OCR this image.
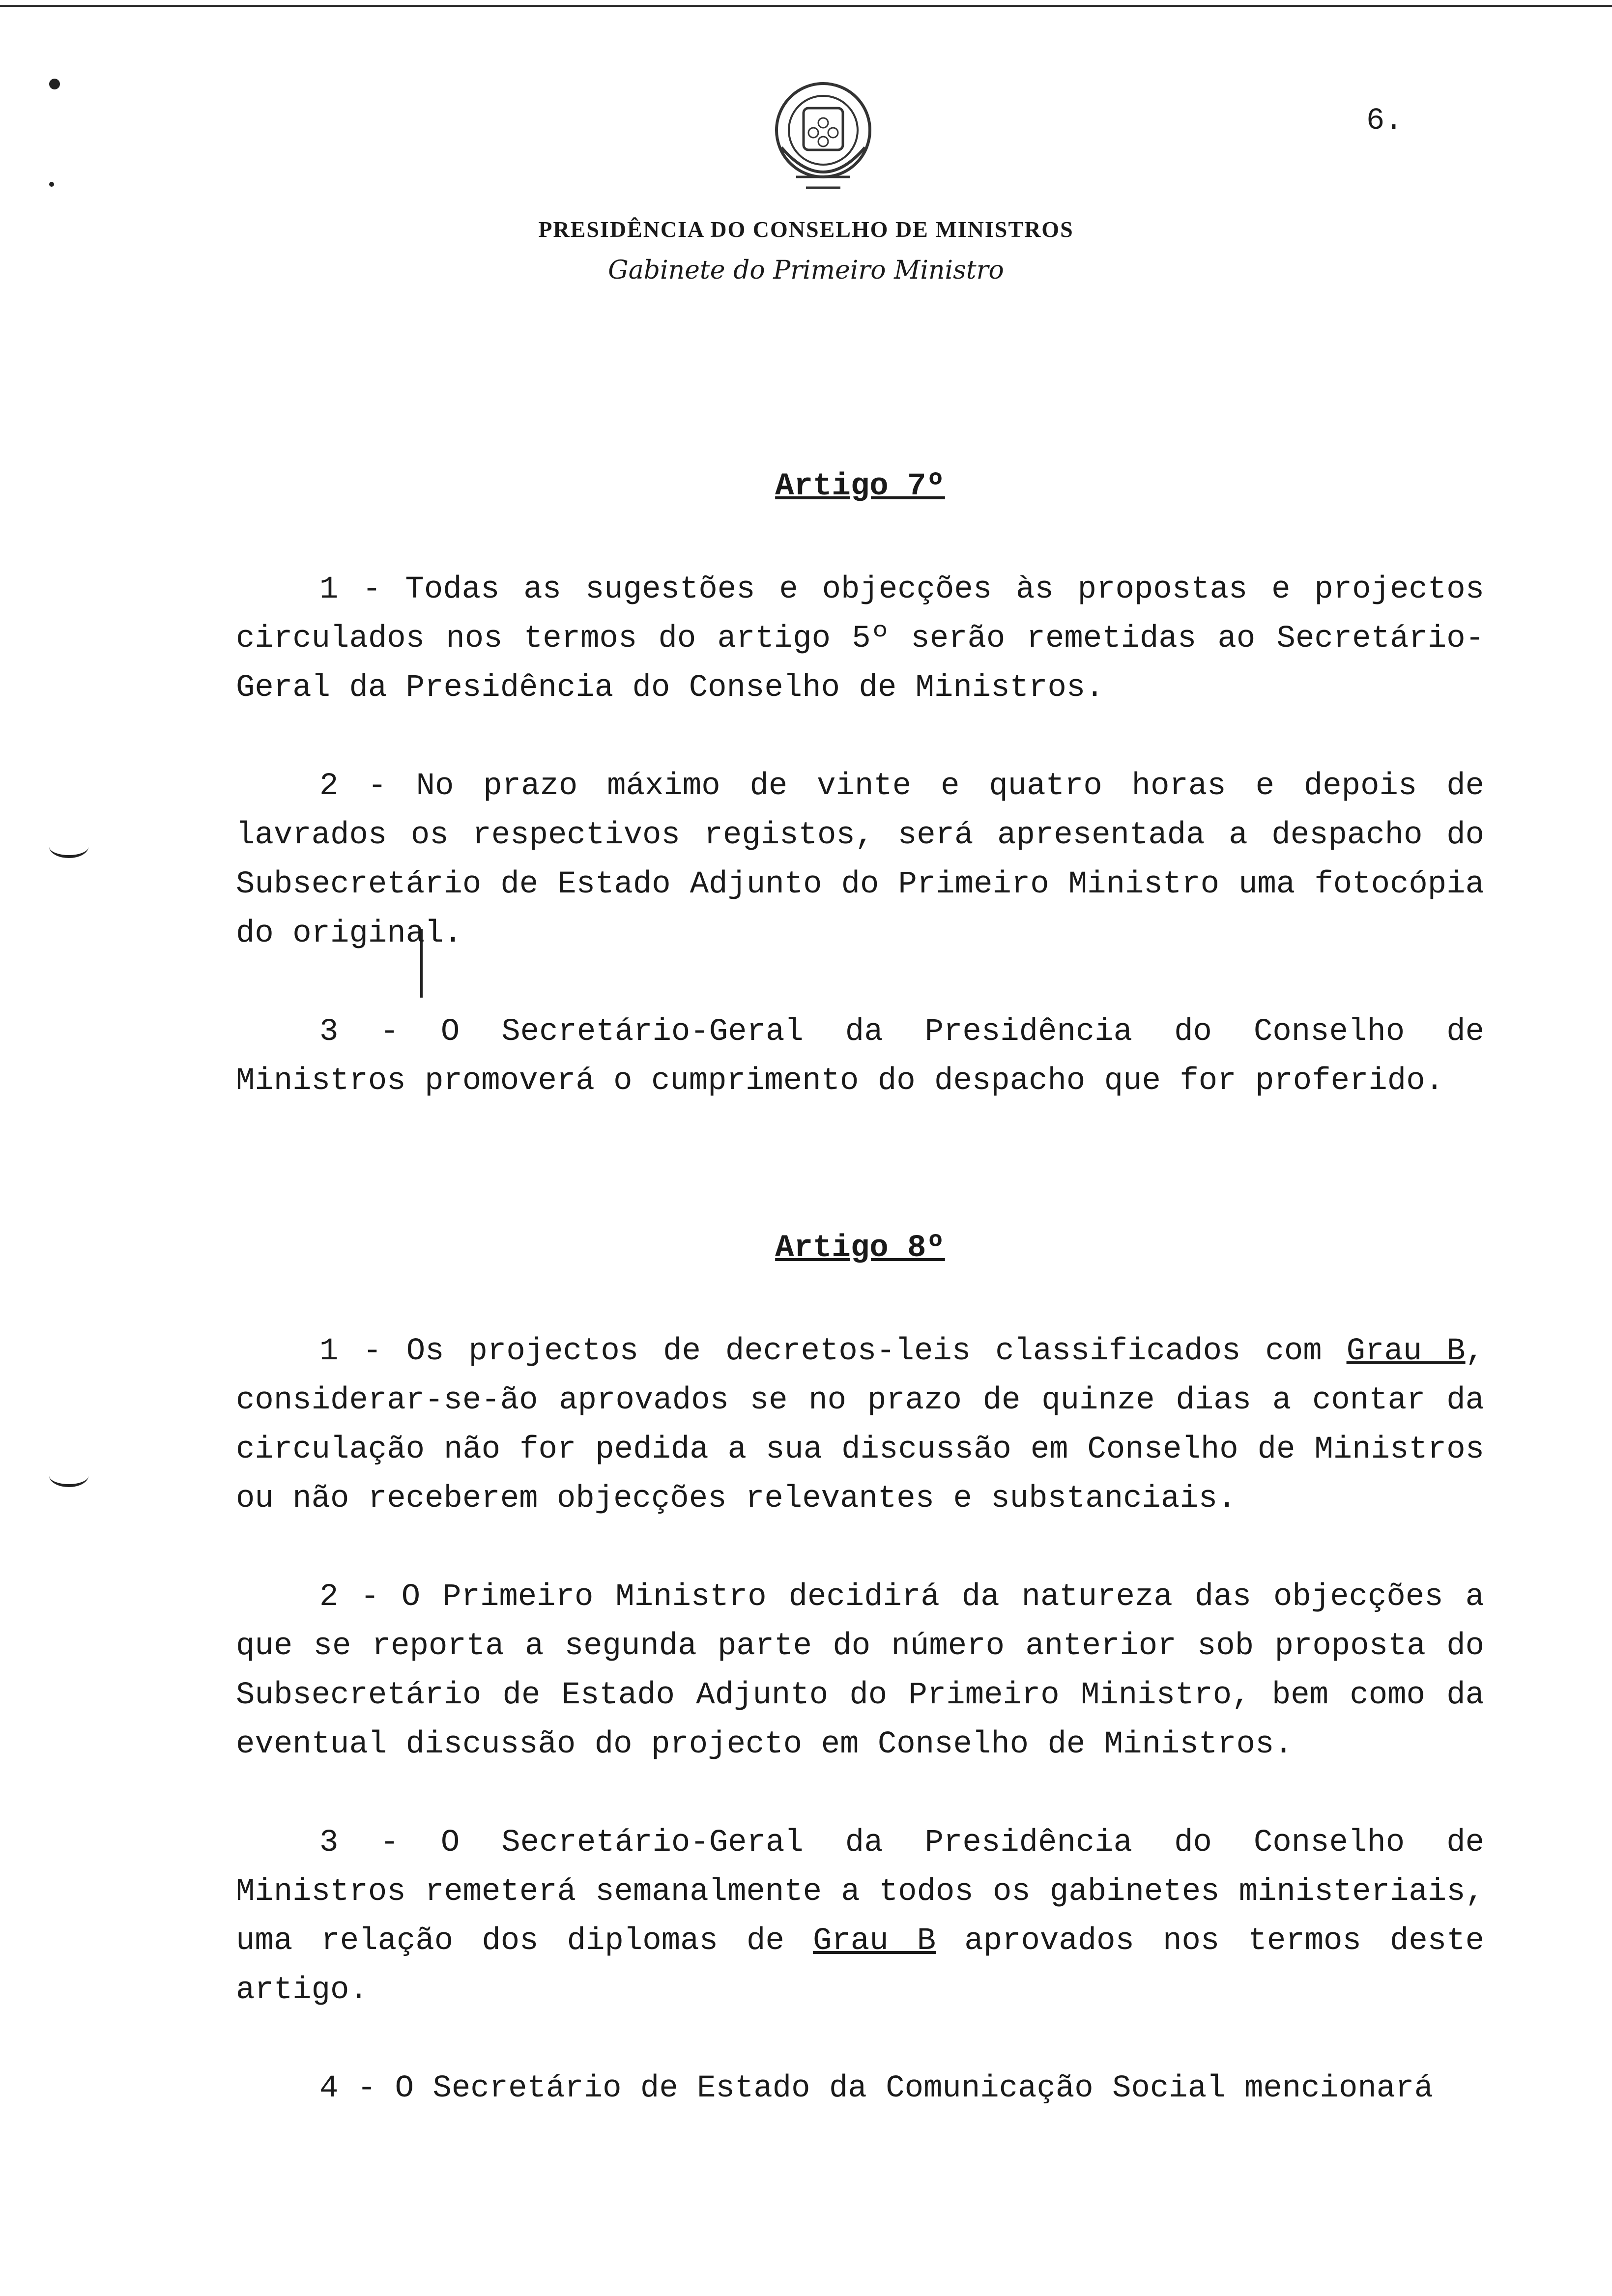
6.
PRESIDÊNCIA DO CONSELHO DE MINISTROS
Gabinete do Primeiro Ministro
Artigo 7º

1 - Todas as sugestões e objecções às propostas e projectos circulados nos termos do artigo 5º serão remetidas ao Secretário-Geral da Presidência do Conselho de Ministros.

2 - No prazo máximo de vinte e quatro horas e depois de lavrados os respectivos registos, será apresentada a despacho do Subsecretário de Estado Adjunto do Primeiro Ministro uma fotocópia do original.

3 - O Secretário-Geral da Presidência do Conselho de Ministros promoverá o cumprimento do despacho que for proferido.

Artigo 8º

1 - Os projectos de decretos-leis classificados com Grau B, considerar-se-ão aprovados se no prazo de quinze dias a contar da circulação não for pedida a sua discussão em Conselho de Ministros ou não receberem objecções relevantes e substanciais.

2 - O Primeiro Ministro decidirá da natureza das objecções a que se reporta a segunda parte do número anterior sob proposta do Subsecretário de Estado Adjunto do Primeiro Ministro, bem como da eventual discussão do projecto em Conselho de Ministros.

3 - O Secretário-Geral da Presidência do Conselho de Ministros remeterá semanalmente a todos os gabinetes ministeriais, uma relação dos diplomas de Grau B aprovados nos termos deste artigo.

4 - O Secretário de Estado da Comunicação Social mencionará
